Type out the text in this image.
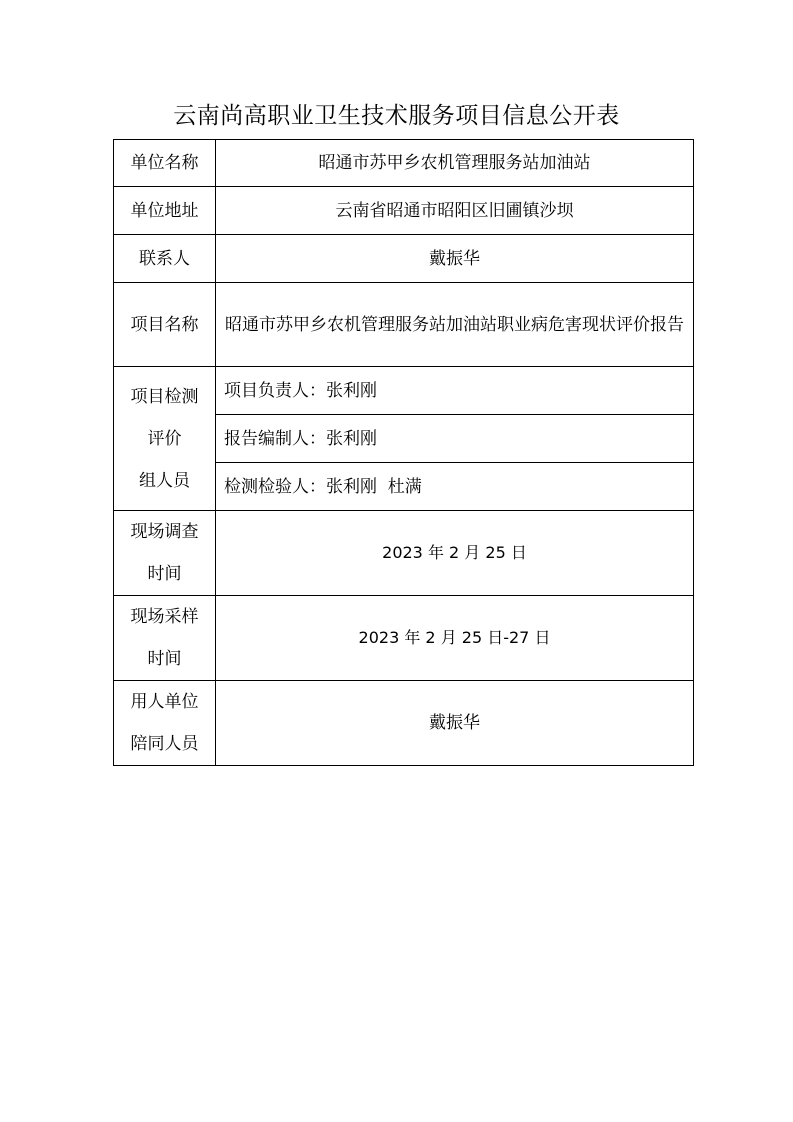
云南尚高职业卫生技术服务项目信息公开表
单位名称	昭通市苏甲乡农机管理服务站加油站
单位地址	云南省昭通市昭阳区旧圃镇沙坝
联系人	戴振华
项目名称	昭通市苏甲乡农机管理服务站加油站职业病危害现状评价报告

项目检测
评价
组人员	项目负责人：张利刚
	报告编制人：张利刚
	检测检验人：张利刚  杜满

现场调查
时间	2023 年 2 月 25 日

现场采样
时间	2023 年 2 月 25 日-27 日

用人单位
陪同人员	戴振华
